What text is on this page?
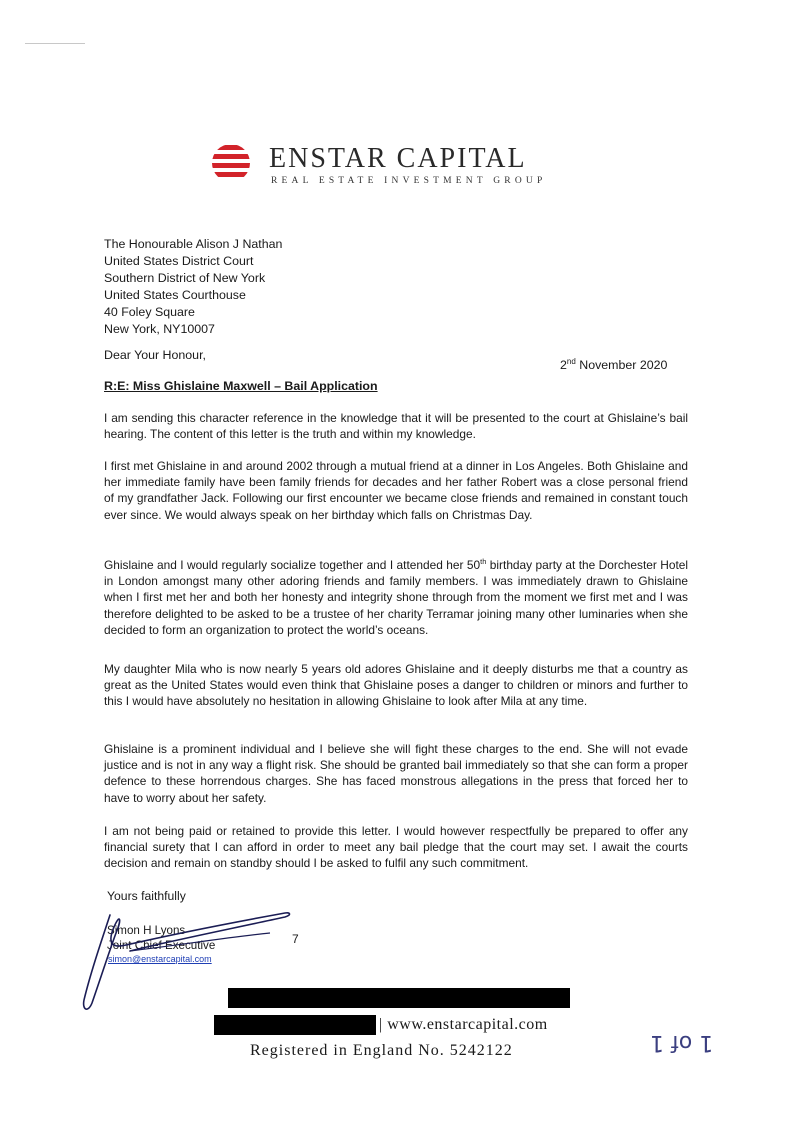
ENSTAR CAPITAL
REAL ESTATE INVESTMENT GROUP
The Honourable Alison J Nathan
United States District Court
Southern District of New York
United States Courthouse
40 Foley Square
New York, NY10007
Dear Your Honour,
2nd November 2020
R:E: Miss Ghislaine Maxwell – Bail Application
I am sending this character reference in the knowledge that it will be presented to the court at Ghislaine’s bail hearing. The content of this letter is the truth and within my knowledge.
I first met Ghislaine in and around 2002 through a mutual friend at a dinner in Los Angeles. Both Ghislaine and her immediate family have been family friends for decades and her father Robert was a close personal friend of my grandfather Jack. Following our first encounter we became close friends and remained in constant touch ever since. We would always speak on her birthday which falls on Christmas Day.
Ghislaine and I would regularly socialize together and I attended her 50th birthday party at the Dorchester Hotel in London amongst many other adoring friends and family members. I was immediately drawn to Ghislaine when I first met her and both her honesty and integrity shone through from the moment we first met and I was therefore delighted to be asked to be a trustee of her charity Terramar joining many other luminaries when she decided to form an organization to protect the world’s oceans.
My daughter Mila who is now nearly 5 years old adores Ghislaine and it deeply disturbs me that a country as great as the United States would even think that Ghislaine poses a danger to children or minors and further to this I would have absolutely no hesitation in allowing Ghislaine to look after Mila at any time.
Ghislaine is a prominent individual and I believe she will fight these charges to the end. She will not evade justice and is not in any way a flight risk. She should be granted bail immediately so that she can form a proper defence to these horrendous charges. She has faced monstrous allegations in the press that forced her to have to worry about her safety.
I am not being paid or retained to provide this letter. I would however respectfully be prepared to offer any financial surety that I can afford in order to meet any bail pledge that the court may set. I await the courts decision and remain on standby should I be asked to fulfil any such commitment.
Yours faithfully
Simon H Lyons
Joint Chief Executive
simon@enstarcapital.com
7
| www.enstarcapital.com
Registered in England No. 5242122	1 of 1
